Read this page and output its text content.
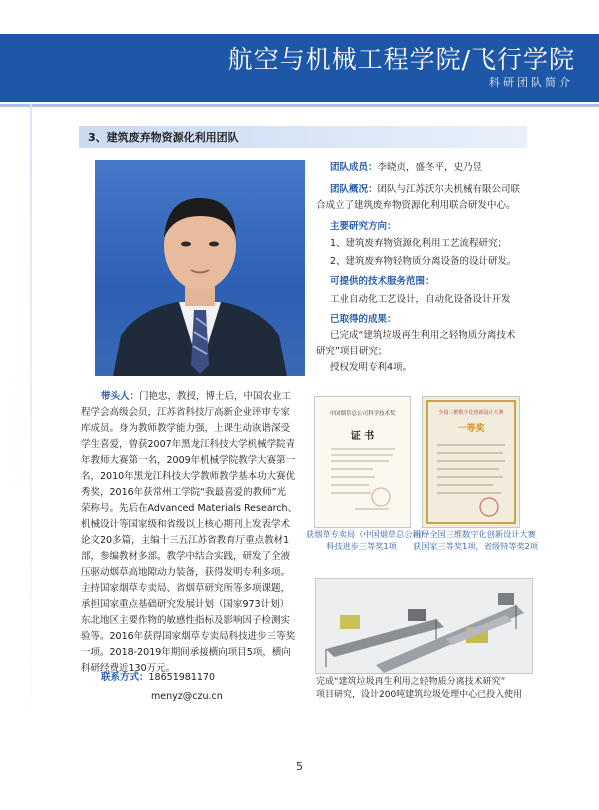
航空与机械工程学院/飞行学院
科研团队简介
3、建筑废弃物资源化利用团队
团队成员：李晓贞，盛冬平，史乃昱
团队概况：团队与江苏沃尔夫机械有限公司联
合成立了建筑废弃物资源化利用联合研发中心。
主要研究方向：
1、建筑废弃物资源化利用工艺流程研究；
2、建筑废弃物轻物质分离设备的设计研发。
可提供的技术服务范围：
工业自动化工艺设计，自动化设备设计开发
已取得的成果：
已完成“建筑垃圾再生利用之轻物质分离技术
研究”项目研究；
授权发明专利4项。
带头人：门艳忠，教授，博士后，中国农业工
程学会高级会员，江苏省科技厅高新企业评审专家
库成员。身为教师教学能力强，上课生动诙谐深受
学生喜爱，曾获2007年黑龙江科技大学机械学院青
年教师大赛第一名，2009年机械学院教学大赛第一
名，2010年黑龙江科技大学教师教学基本功大赛优
秀奖，2016年获常州工学院“我最喜爱的教师”光
荣称号。先后在Advanced Materials Research、
机械设计等国家级和省级以上核心期刊上发表学术
论文20多篇，主编十三五江苏省教育厅重点教材1
部，参编教材多部。教学中结合实践，研发了全液
压驱动烟草高地隙动力装备，获得发明专利多项。
主持国家烟草专卖局、省烟草研究所等多项课题，
承担国家重点基础研究发展计划（国家973计划）
东北地区主要作物的敏感性指标及影响因子检测实
验等。2016年获得国家烟草专卖局科技进步三等奖
一项。2018-2019年期间承接横向项目5项，横向
科研经费近130万元。
联系方式：18651981170
menyz@czu.cn
中国烟草总公司科学技术奖
证 书
获烟草专卖局（中国烟草总公司)
科技进步三等奖1项
全国三维数字化创新设计大赛
一等奖
指导全国三维数字化创新设计大赛
获国家三等奖1项，省级特等奖2项
完成“建筑垃圾再生利用之轻物质分离技术研究”
项目研究，设计200吨建筑垃圾处理中心已投入使用
5
